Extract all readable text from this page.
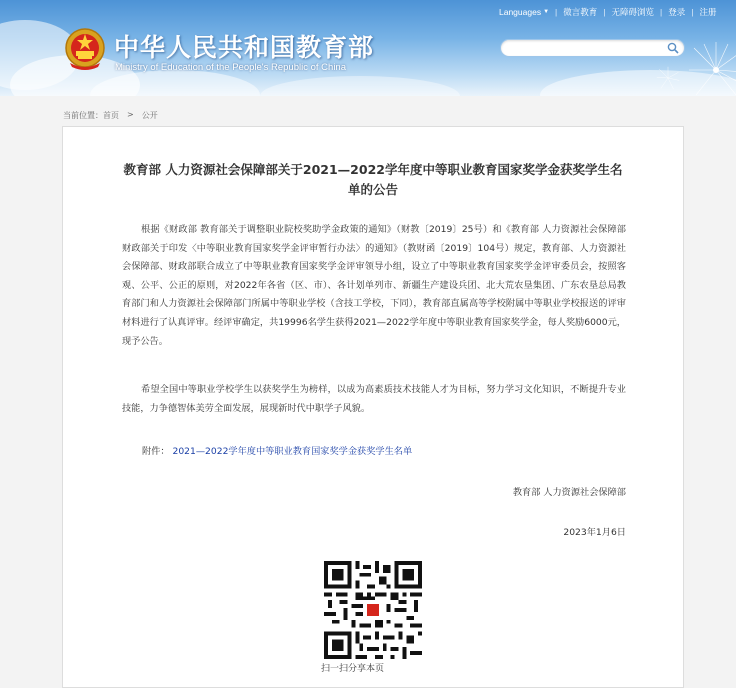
中华人民共和国教育部
Ministry of Education of the People's Republic of China
Languages ▼ | 微言教育 | 无障碍浏览 | 登录 | 注册
当前位置： 首页 > 公开
教育部 人力资源社会保障部关于2021—2022学年度中等职业教育国家奖学金获奖学生名
单的公告

根据《财政部 教育部关于调整职业院校奖助学金政策的通知》（财教〔2019〕25号）和《教育部 人力资源社会保障部 财政部关于印发〈中等职业教育国家奖学金评审暂行办法〉的通知》（教财函〔2019〕104号）规定，教育部、人力资源社会保障部、财政部联合成立了中等职业教育国家奖学金评审领导小组，设立了中等职业教育国家奖学金评审委员会，按照客观、公平、公正的原则，对2022年各省（区、市）、各计划单列市、新疆生产建设兵团、北大荒农垦集团、广东农垦总局教育部门和人力资源社会保障部门所属中等职业学校（含技工学校，下同），教育部直属高等学校附属中等职业学校报送的评审材料进行了认真评审。经评审确定，共19996名学生获得2021—2022学年度中等职业教育国家奖学金，每人奖励6000元，现予公告。

希望全国中等职业学校学生以获奖学生为榜样，以成为高素质技术技能人才为目标，努力学习文化知识，不断提升专业技能，力争德智体美劳全面发展，展现新时代中职学子风貌。

附件： 2021—2022学年度中等职业教育国家奖学金获奖学生名单
教育部 人力资源社会保障部
2023年1月6日
扫一扫分享本页
